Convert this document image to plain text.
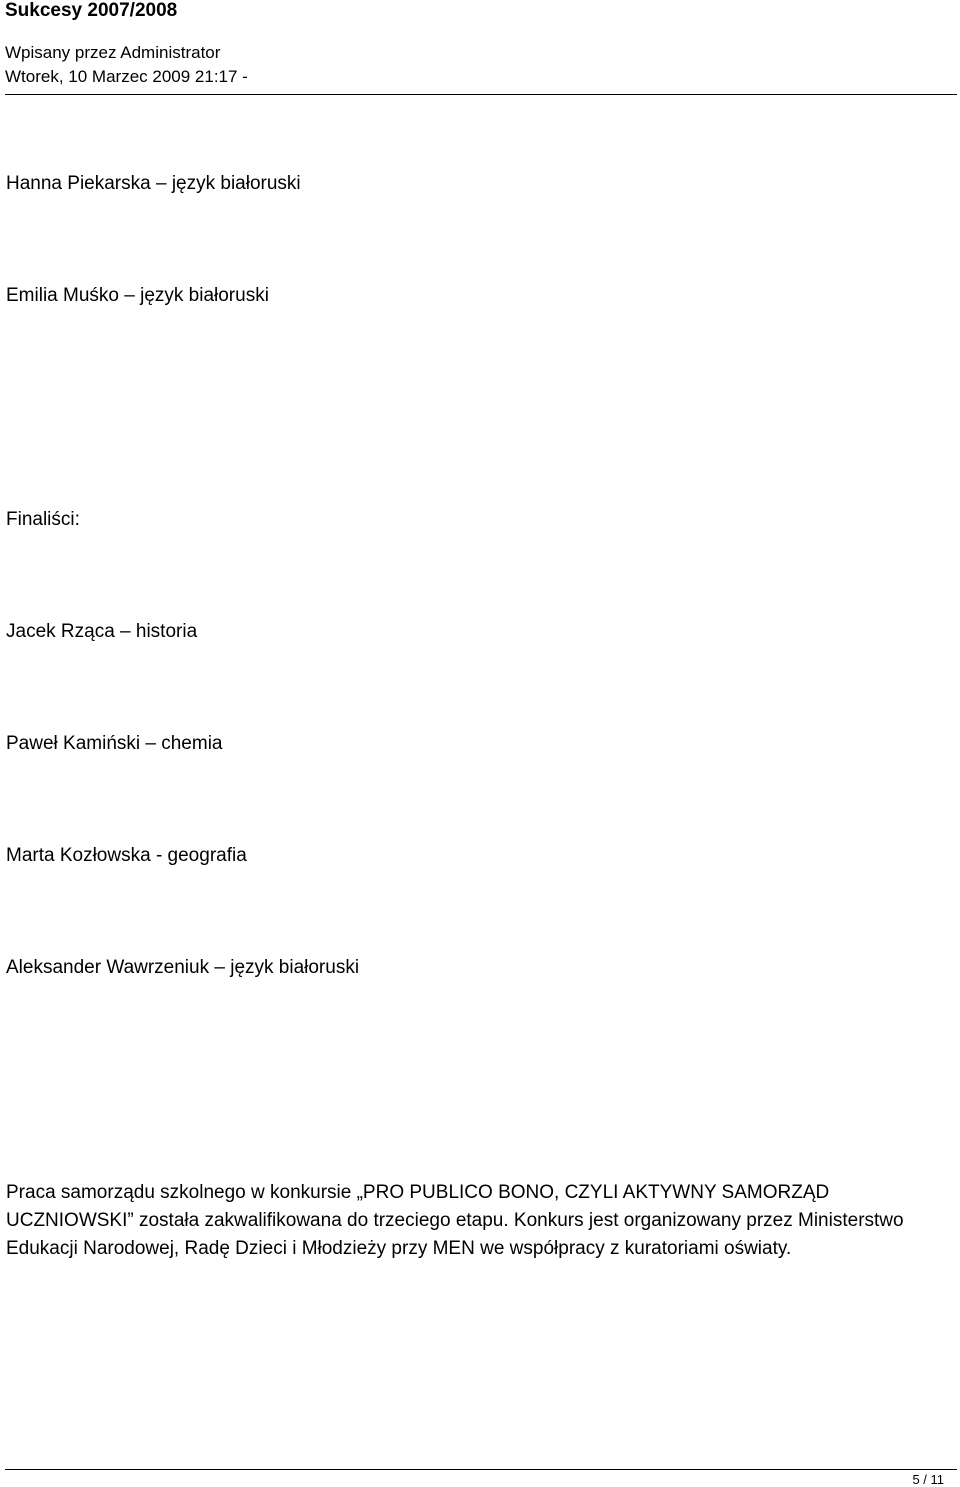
Sukcesy 2007/2008
Wpisany przez Administrator
Wtorek, 10 Marzec 2009 21:17 -
Hanna Piekarska – język białoruski
Emilia Muśko – język białoruski
Finaliści:
Jacek Rząca – historia
Paweł Kamiński – chemia
Marta Kozłowska - geografia
Aleksander Wawrzeniuk – język białoruski

Praca samorządu szkolnego w konkursie „PRO PUBLICO BONO, CZYLI AKTYWNY SAMORZĄD UCZNIOWSKI” została zakwalifikowana do trzeciego etapu. Konkurs jest organizowany przez Ministerstwo Edukacji Narodowej, Radę Dzieci i Młodzieży przy MEN we współpracy z kuratoriami oświaty.

5 / 11
